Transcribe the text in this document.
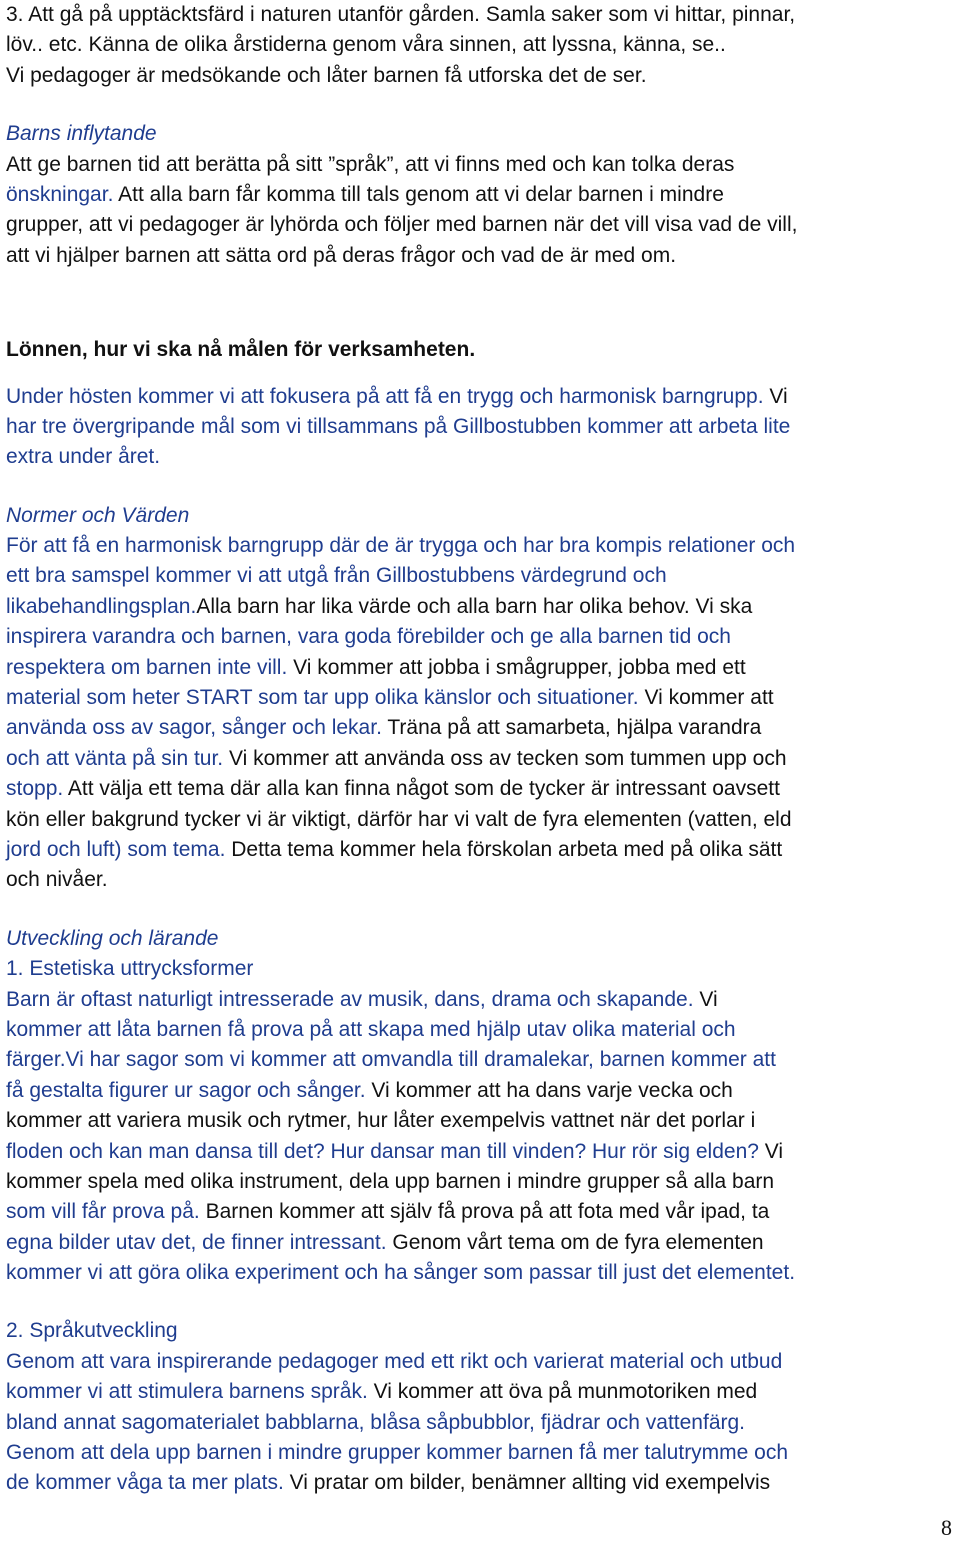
3. Att gå på upptäcktsfärd i naturen utanför gården. Samla saker som vi hittar, pinnar,
löv.. etc. Känna de olika årstiderna genom våra sinnen, att lyssna, känna, se..
Vi pedagoger är medsökande och låter barnen få utforska det de ser.
Barns inflytande
Att ge barnen tid att berätta på sitt ”språk”, att vi finns med och kan tolka deras
önskningar. Att alla barn får komma till tals genom att vi delar barnen i mindre
grupper, att vi pedagoger är lyhörda och följer med barnen när det vill visa vad de vill,
att vi hjälper barnen att sätta ord på deras frågor och vad de är med om.
Lönnen, hur vi ska nå målen för verksamheten.
Under hösten kommer vi att fokusera på att få en trygg och harmonisk barngrupp. Vi
har tre övergripande mål som vi tillsammans på Gillbostubben kommer att arbeta lite
extra under året.
Normer och Värden
För att få en harmonisk barngrupp där de är trygga och har bra kompis relationer och
ett bra samspel kommer vi att utgå från Gillbostubbens värdegrund och
likabehandlingsplan.Alla barn har lika värde och alla barn har olika behov. Vi ska
inspirera varandra och barnen, vara goda förebilder och ge alla barnen tid och
respektera om barnen inte vill. Vi kommer att jobba i smågrupper, jobba med ett
material som heter START som tar upp olika känslor och situationer. Vi kommer att
använda oss av sagor, sånger och lekar. Träna på att samarbeta, hjälpa varandra
och att vänta på sin tur. Vi kommer att använda oss av tecken som tummen upp och
stopp. Att välja ett tema där alla kan finna något som de tycker är intressant oavsett
kön eller bakgrund tycker vi är viktigt, därför har vi valt de fyra elementen (vatten, eld
jord och luft) som tema. Detta tema kommer hela förskolan arbeta med på olika sätt
och nivåer.
Utveckling och lärande
1. Estetiska uttrycksformer
Barn är oftast naturligt intresserade av musik, dans, drama och skapande. Vi
kommer att låta barnen få prova på att skapa med hjälp utav olika material och
färger.Vi har sagor som vi kommer att omvandla till dramalekar, barnen kommer att
få gestalta figurer ur sagor och sånger. Vi kommer att ha dans varje vecka och
kommer att variera musik och rytmer, hur låter exempelvis vattnet när det porlar i
floden och kan man dansa till det? Hur dansar man till vinden? Hur rör sig elden? Vi
kommer spela med olika instrument, dela upp barnen i mindre grupper så alla barn
som vill får prova på. Barnen kommer att själv få prova på att fota med vår ipad, ta
egna bilder utav det, de finner intressant. Genom vårt tema om de fyra elementen
kommer vi att göra olika experiment och ha sånger som passar till just det elementet.
2. Språkutveckling
Genom att vara inspirerande pedagoger med ett rikt och varierat material och utbud
kommer vi att stimulera barnens språk. Vi kommer att öva på munmotoriken med
bland annat sagomaterialet babblarna, blåsa såpbubblor, fjädrar och vattenfärg.
Genom att dela upp barnen i mindre grupper kommer barnen få mer talutrymme och
de kommer våga ta mer plats. Vi pratar om bilder, benämner allting vid exempelvis
8
